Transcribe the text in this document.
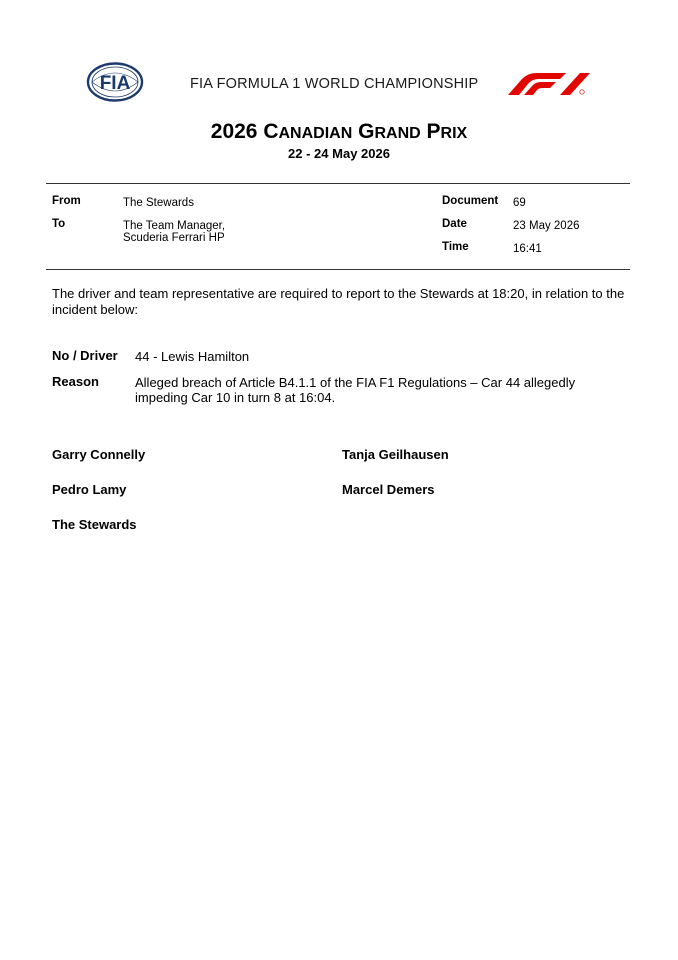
FIA	FIA FORMULA 1 WORLD CHAMPIONSHIP
2026 CANADIAN GRAND PRIX
22 - 24 May 2026
From	The Stewards
To	The Team Manager,
Scuderia Ferrari HP
Document 69
Date	23 May 2026
Time	16:41
The driver and team representative are required to report to the Stewards at 18:20, in relation to the incident below:
No / Driver 44 - Lewis Hamilton
Reason	Alleged breach of Article B4.1.1 of the FIA F1 Regulations – Car 44 allegedly impeding Car 10 in turn 8 at 16:04.
Garry Connelly	Tanja Geilhausen
Pedro Lamy	Marcel Demers
The Stewards
